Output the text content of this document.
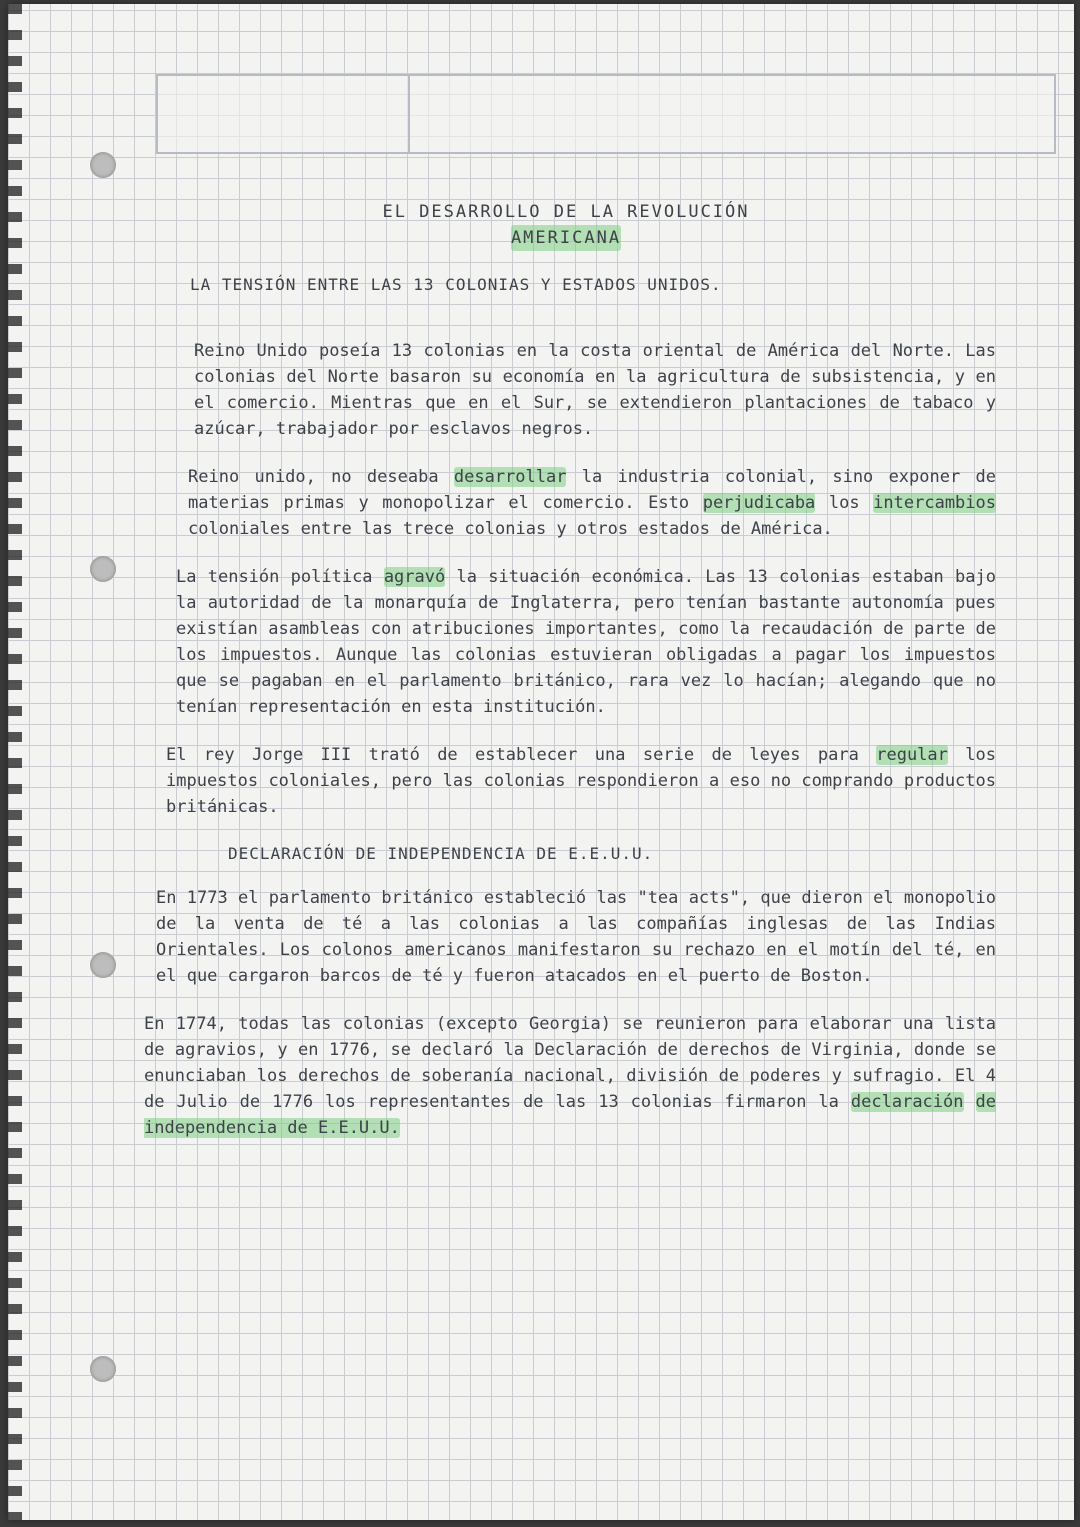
EL DESARROLLO DE LA REVOLUCIÓN
AMERICANA
LA TENSIÓN ENTRE LAS 13 COLONIAS Y ESTADOS UNIDOS.

Reino Unido poseía 13 colonias en la costa oriental de América del Norte. Las colonias del Norte basaron su economía en la agricultura de subsistencia, y en el comercio. Mientras que en el Sur, se extendieron plantaciones de tabaco y azúcar, trabajador por esclavos negros.

Reino unido, no deseaba desarrollar la industria colonial, sino exponer de materias primas y monopolizar el comercio. Esto perjudicaba los intercambios coloniales entre las trece colonias y otros estados de América.

La tensión política agravó la situación económica. Las 13 colonias estaban bajo la autoridad de la monarquía de Inglaterra, pero tenían bastante autonomía pues existían asambleas con atribuciones importantes, como la recaudación de parte de los impuestos. Aunque las colonias estuvieran obligadas a pagar los impuestos que se pagaban en el parlamento británico, rara vez lo hacían; alegando que no tenían representación en esta institución.

El rey Jorge III trató de establecer una serie de leyes para regular los impuestos coloniales, pero las colonias respondieron a eso no comprando productos británicas.

DECLARACIÓN DE INDEPENDENCIA DE E.E.U.U.

En 1773 el parlamento británico estableció las "tea acts", que dieron el monopolio de la venta de té a las colonias a las compañías inglesas de las Indias Orientales. Los colonos americanos manifestaron su rechazo en el motín del té, en el que cargaron barcos de té y fueron atacados en el puerto de Boston.

En 1774, todas las colonias (excepto Georgia) se reunieron para elaborar una lista de agravios, y en 1776, se declaró la Declaración de derechos de Virginia, donde se enunciaban los derechos de soberanía nacional, división de poderes y sufragio. El 4 de Julio de 1776 los representantes de las 13 colonias firmaron la declaración de independencia de E.E.U.U.
